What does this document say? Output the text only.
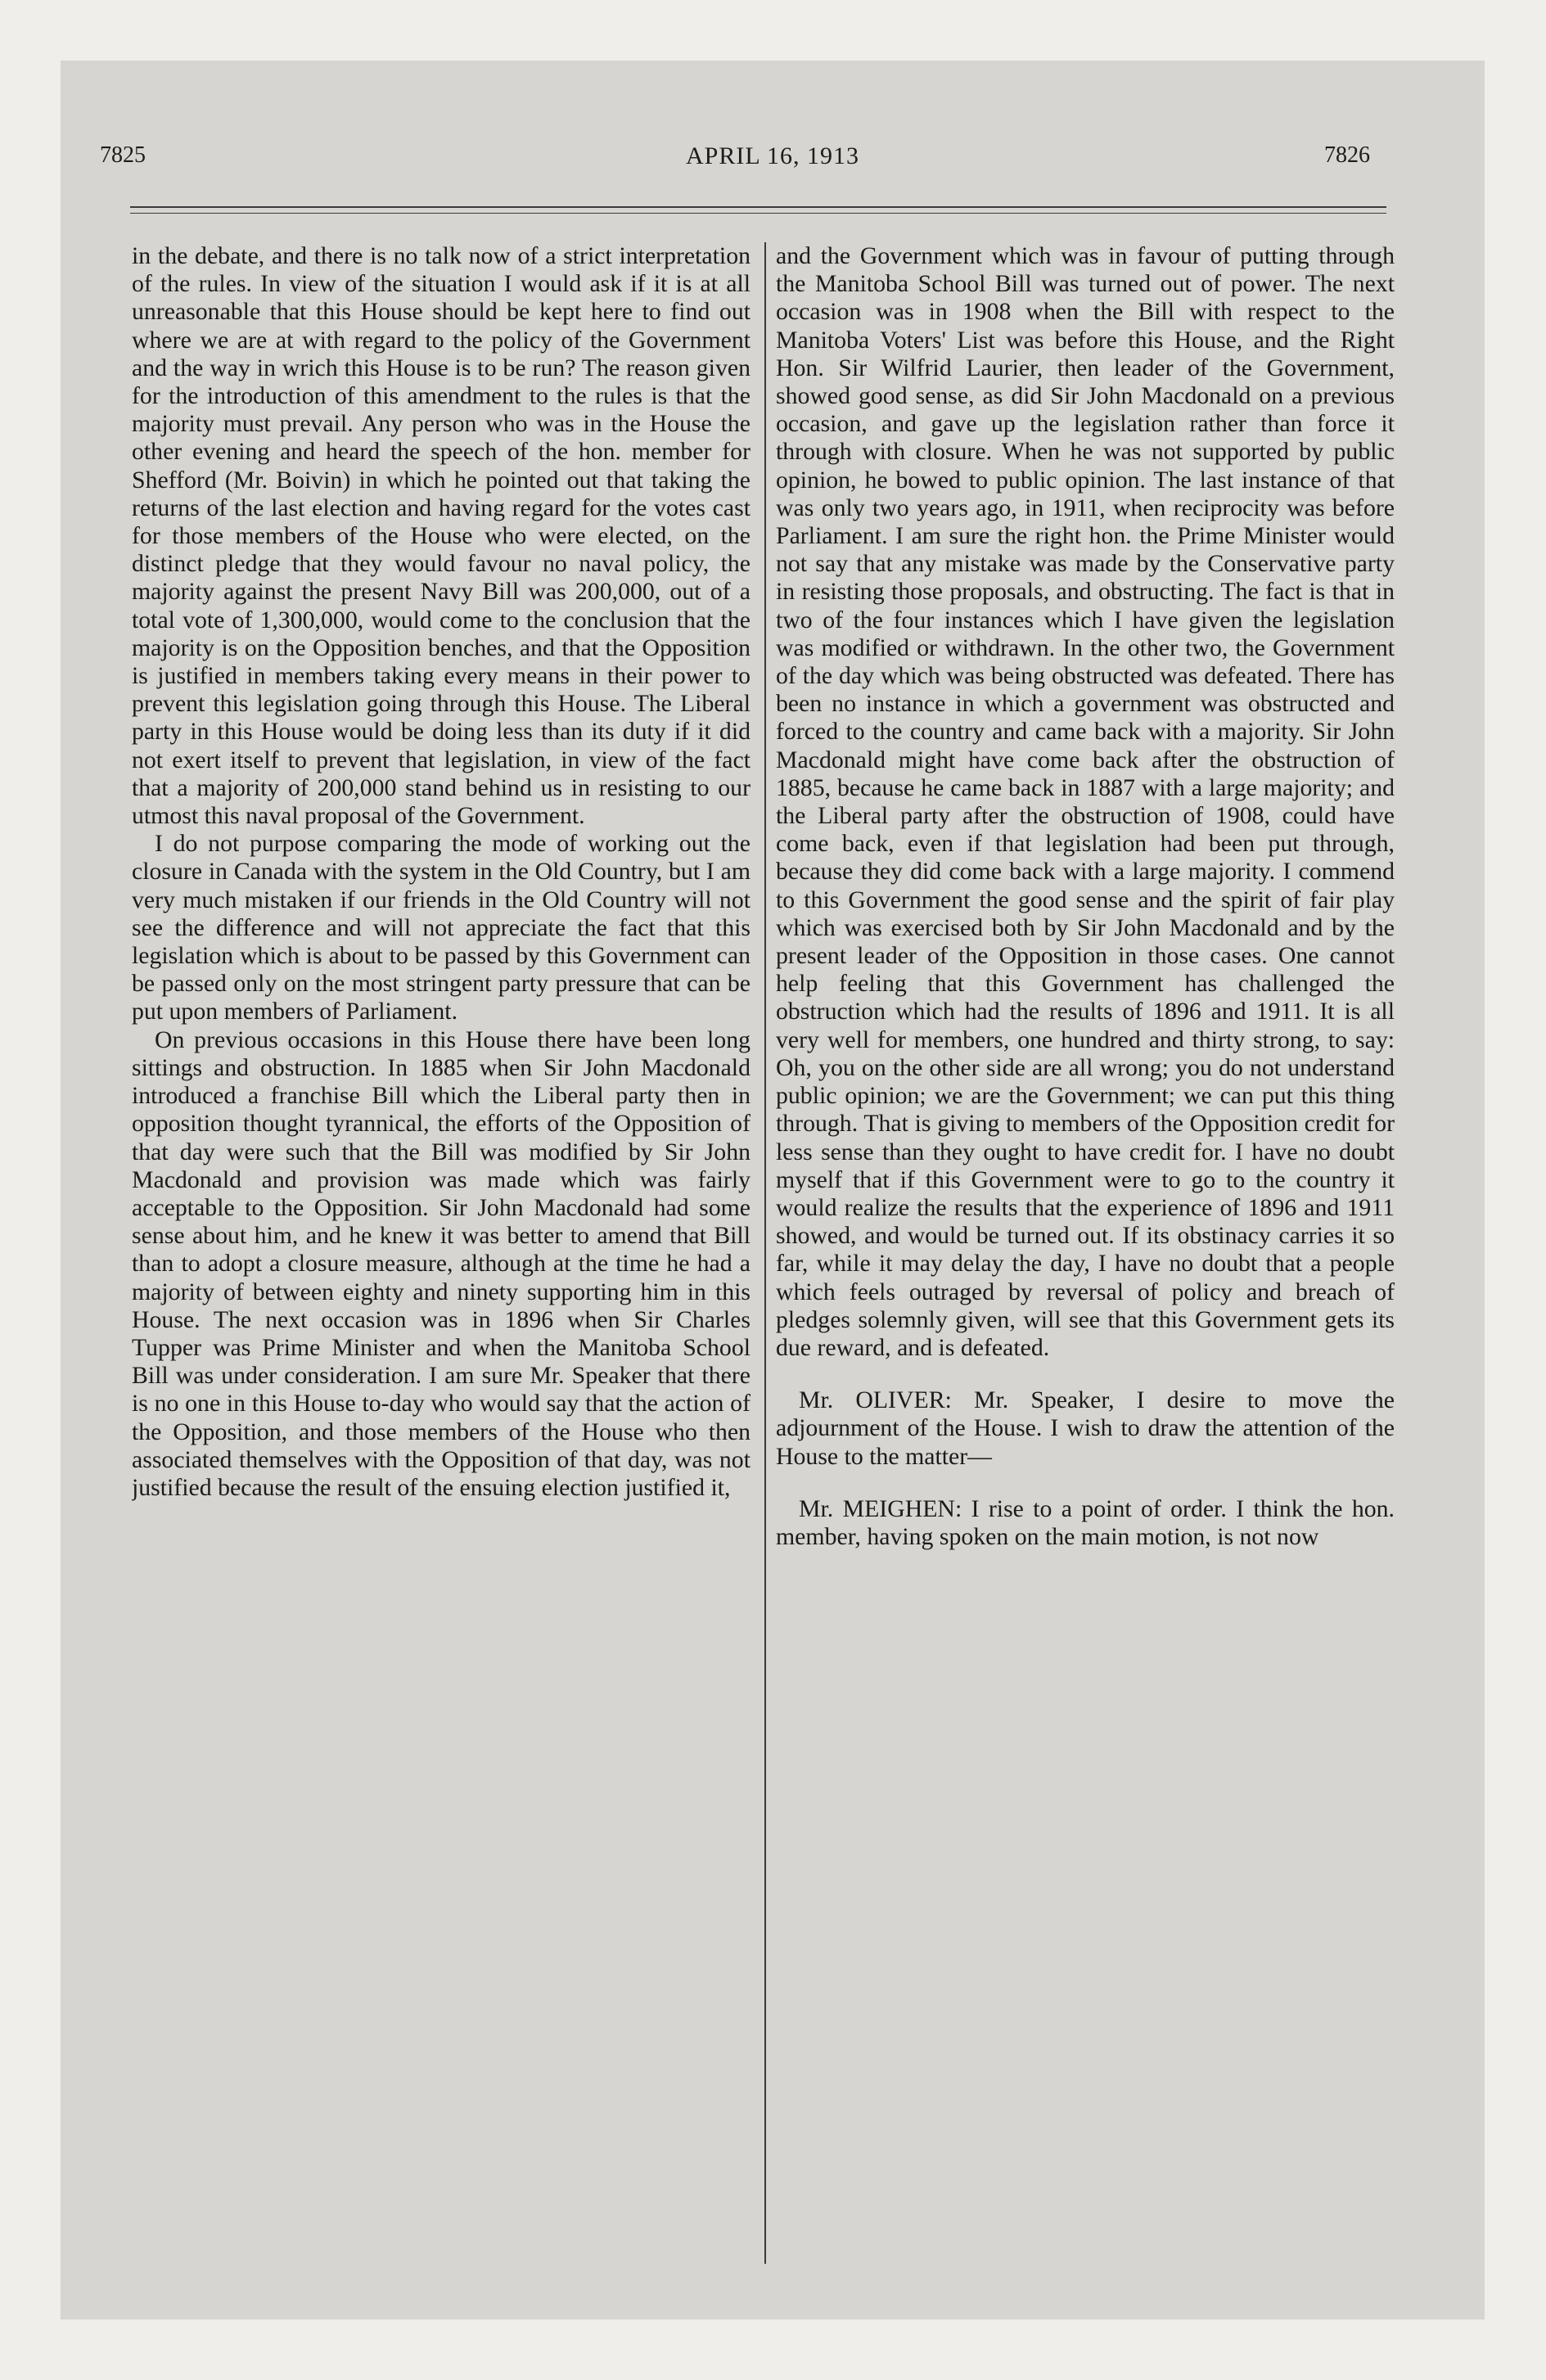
7825	APRIL 16, 1913	7826

in the debate, and there is no talk now of a strict interpretation of the rules. In view of the situation I would ask if it is at all unreasonable that this House should be kept here to find out where we are at with regard to the policy of the Government and the way in wrich this House is to be run? The reason given for the introduction of this amendment to the rules is that the majority must prevail. Any person who was in the House the other evening and heard the speech of the hon. member for Shefford (Mr. Boivin) in which he pointed out that taking the returns of the last election and having regard for the votes cast for those members of the House who were elected, on the distinct pledge that they would favour no naval policy, the majority against the present Navy Bill was 200,000, out of a total vote of 1,300,000, would come to the conclusion that the majority is on the Opposition benches, and that the Opposition is justified in members taking every means in their power to prevent this legislation going through this House. The Liberal party in this House would be doing less than its duty if it did not exert itself to prevent that legislation, in view of the fact that a majority of 200,000 stand behind us in resisting to our utmost this naval proposal of the Government.

I do not purpose comparing the mode of working out the closure in Canada with the system in the Old Country, but I am very much mistaken if our friends in the Old Country will not see the difference and will not appreciate the fact that this legislation which is about to be passed by this Government can be passed only on the most stringent party pressure that can be put upon members of Parliament.

On previous occasions in this House there have been long sittings and obstruction. In 1885 when Sir John Macdonald introduced a franchise Bill which the Liberal party then in opposition thought tyrannical, the efforts of the Opposition of that day were such that the Bill was modified by Sir John Macdonald and provision was made which was fairly acceptable to the Opposition. Sir John Macdonald had some sense about him, and he knew it was better to amend that Bill than to adopt a closure measure, although at the time he had a majority of between eighty and ninety supporting him in this House. The next occasion was in 1896 when Sir Charles Tupper was Prime Minister and when the Manitoba School Bill was under consideration. I am sure Mr. Speaker that there is no one in this House to-day who would say that the action of the Opposition, and those members of the House who then associated themselves with the Opposition of that day, was not justified because the result of the ensuing election justified it,

and the Government which was in favour of putting through the Manitoba School Bill was turned out of power. The next occasion was in 1908 when the Bill with respect to the Manitoba Voters' List was before this House, and the Right Hon. Sir Wilfrid Laurier, then leader of the Government, showed good sense, as did Sir John Macdonald on a previous occasion, and gave up the legislation rather than force it through with closure. When he was not supported by public opinion, he bowed to public opinion. The last instance of that was only two years ago, in 1911, when reciprocity was before Parliament. I am sure the right hon. the Prime Minister would not say that any mistake was made by the Conservative party in resisting those proposals, and obstructing. The fact is that in two of the four instances which I have given the legislation was modified or withdrawn. In the other two, the Government of the day which was being obstructed was defeated. There has been no instance in which a government was obstructed and forced to the country and came back with a majority. Sir John Macdonald might have come back after the obstruction of 1885, because he came back in 1887 with a large majority; and the Liberal party after the obstruction of 1908, could have come back, even if that legislation had been put through, because they did come back with a large majority. I commend to this Government the good sense and the spirit of fair play which was exercised both by Sir John Macdonald and by the present leader of the Opposition in those cases. One cannot help feeling that this Government has challenged the obstruction which had the results of 1896 and 1911. It is all very well for members, one hundred and thirty strong, to say: Oh, you on the other side are all wrong; you do not understand public opinion; we are the Government; we can put this thing through. That is giving to members of the Opposition credit for less sense than they ought to have credit for. I have no doubt myself that if this Government were to go to the country it would realize the results that the experience of 1896 and 1911 showed, and would be turned out. If its obstinacy carries it so far, while it may delay the day, I have no doubt that a people which feels outraged by reversal of policy and breach of pledges solemnly given, will see that this Government gets its due reward, and is defeated.

Mr. OLIVER: Mr. Speaker, I desire to move the adjournment of the House. I wish to draw the attention of the House to the matter—

Mr. MEIGHEN: I rise to a point of order. I think the hon. member, having spoken on the main motion, is not now
